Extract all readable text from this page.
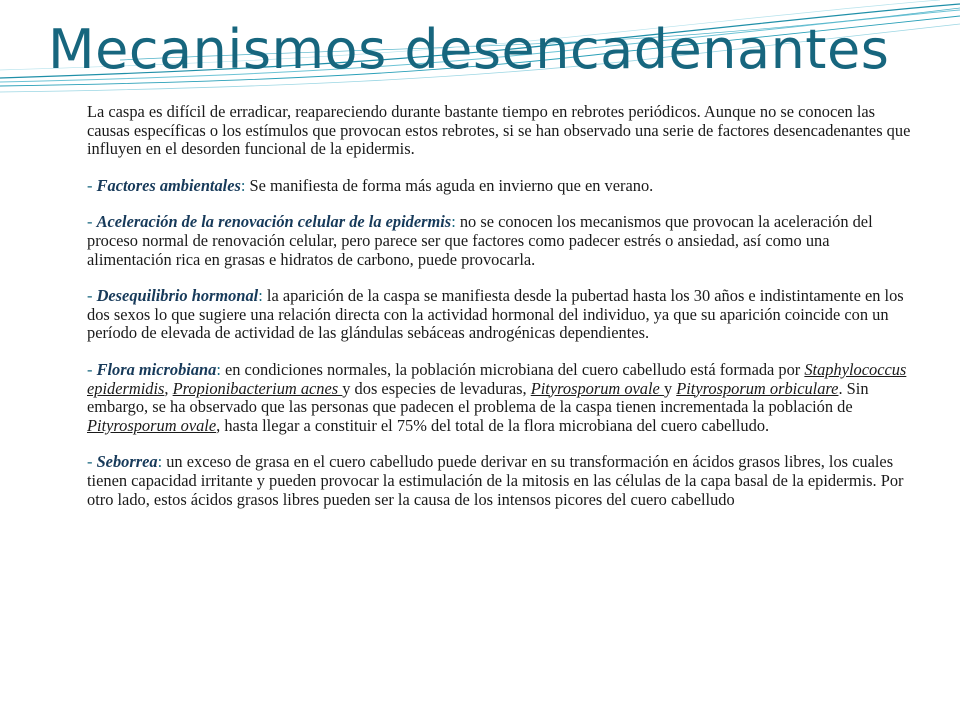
Mecanismos desencadenantes

La caspa es difícil de erradicar, reapareciendo durante bastante tiempo en rebrotes periódicos. Aunque no se conocen las causas específicas o los estímulos que provocan estos rebrotes, si se han observado una serie de factores desencadenantes que influyen en el desorden funcional de la epidermis.

- Factores ambientales: Se manifiesta de forma más aguda en invierno que en verano.

- Aceleración de la renovación celular de la epidermis: no se conocen los mecanismos que provocan la aceleración del proceso normal de renovación celular, pero parece ser que factores como padecer estrés o ansiedad, así como una alimentación rica en grasas e hidratos de carbono, puede provocarla.

- Desequilibrio hormonal: la aparición de la caspa se manifiesta desde la pubertad hasta los 30 años e indistintamente en los dos sexos lo que sugiere una relación directa con la actividad hormonal del individuo, ya que su aparición coincide con un período de elevada de actividad de las glándulas sebáceas androgénicas dependientes.

- Flora microbiana: en condiciones normales, la población microbiana del cuero cabelludo está formada por Staphylococcus epidermidis, Propionibacterium acnes y dos especies de levaduras, Pityrosporum ovale y Pityrosporum orbiculare. Sin embargo, se ha observado que las personas que padecen el problema de la caspa tienen incrementada la población de Pityrosporum ovale, hasta llegar a constituir el 75% del total de la flora microbiana del cuero cabelludo.

- Seborrea: un exceso de grasa en el cuero cabelludo puede derivar en su transformación en ácidos grasos libres, los cuales tienen capacidad irritante y pueden provocar la estimulación de la mitosis en las células de la capa basal de la epidermis. Por otro lado, estos ácidos grasos libres pueden ser la causa de los intensos picores del cuero cabelludo
